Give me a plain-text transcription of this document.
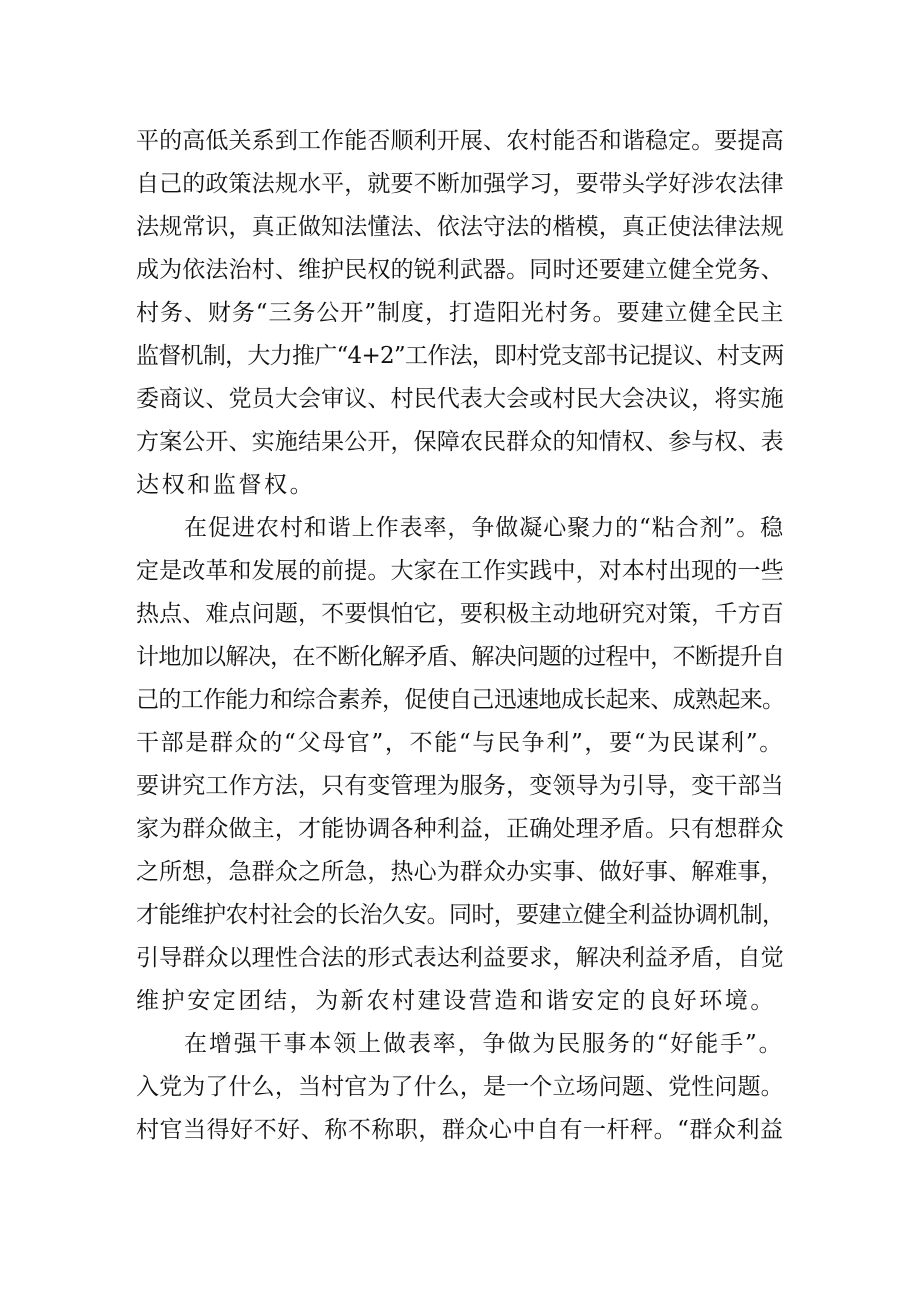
平的高低关系到工作能否顺利开展、农村能否和谐稳定。要提高
自己的政策法规水平，就要不断加强学习，要带头学好涉农法律
法规常识，真正做知法懂法、依法守法的楷模，真正使法律法规
成为依法治村、维护民权的锐利武器。同时还要建立健全党务、
村务、财务“三务公开”制度，打造阳光村务。要建立健全民主
监督机制，大力推广“4+2”工作法，即村党支部书记提议、村支两
委商议、党员大会审议、村民代表大会或村民大会决议，将实施
方案公开、实施结果公开，保障农民群众的知情权、参与权、表
达权和监督权。
在促进农村和谐上作表率，争做凝心聚力的“粘合剂”。稳
定是改革和发展的前提。大家在工作实践中，对本村出现的一些
热点、难点问题，不要惧怕它，要积极主动地研究对策，千方百
计地加以解决，在不断化解矛盾、解决问题的过程中，不断提升自
己的工作能力和综合素养，促使自己迅速地成长起来、成熟起来。
干部是群众的“父母官”，不能“与民争利”，要“为民谋利”。
要讲究工作方法，只有变管理为服务，变领导为引导，变干部当
家为群众做主，才能协调各种利益，正确处理矛盾。只有想群众
之所想，急群众之所急，热心为群众办实事、做好事、解难事，
才能维护农村社会的长治久安。同时，要建立健全利益协调机制，
引导群众以理性合法的形式表达利益要求，解决利益矛盾，自觉
维护安定团结，为新农村建设营造和谐安定的良好环境。
在增强干事本领上做表率，争做为民服务的“好能手”。
入党为了什么，当村官为了什么，是一个立场问题、党性问题。
村官当得好不好、称不称职，群众心中自有一杆秤。“群众利益
